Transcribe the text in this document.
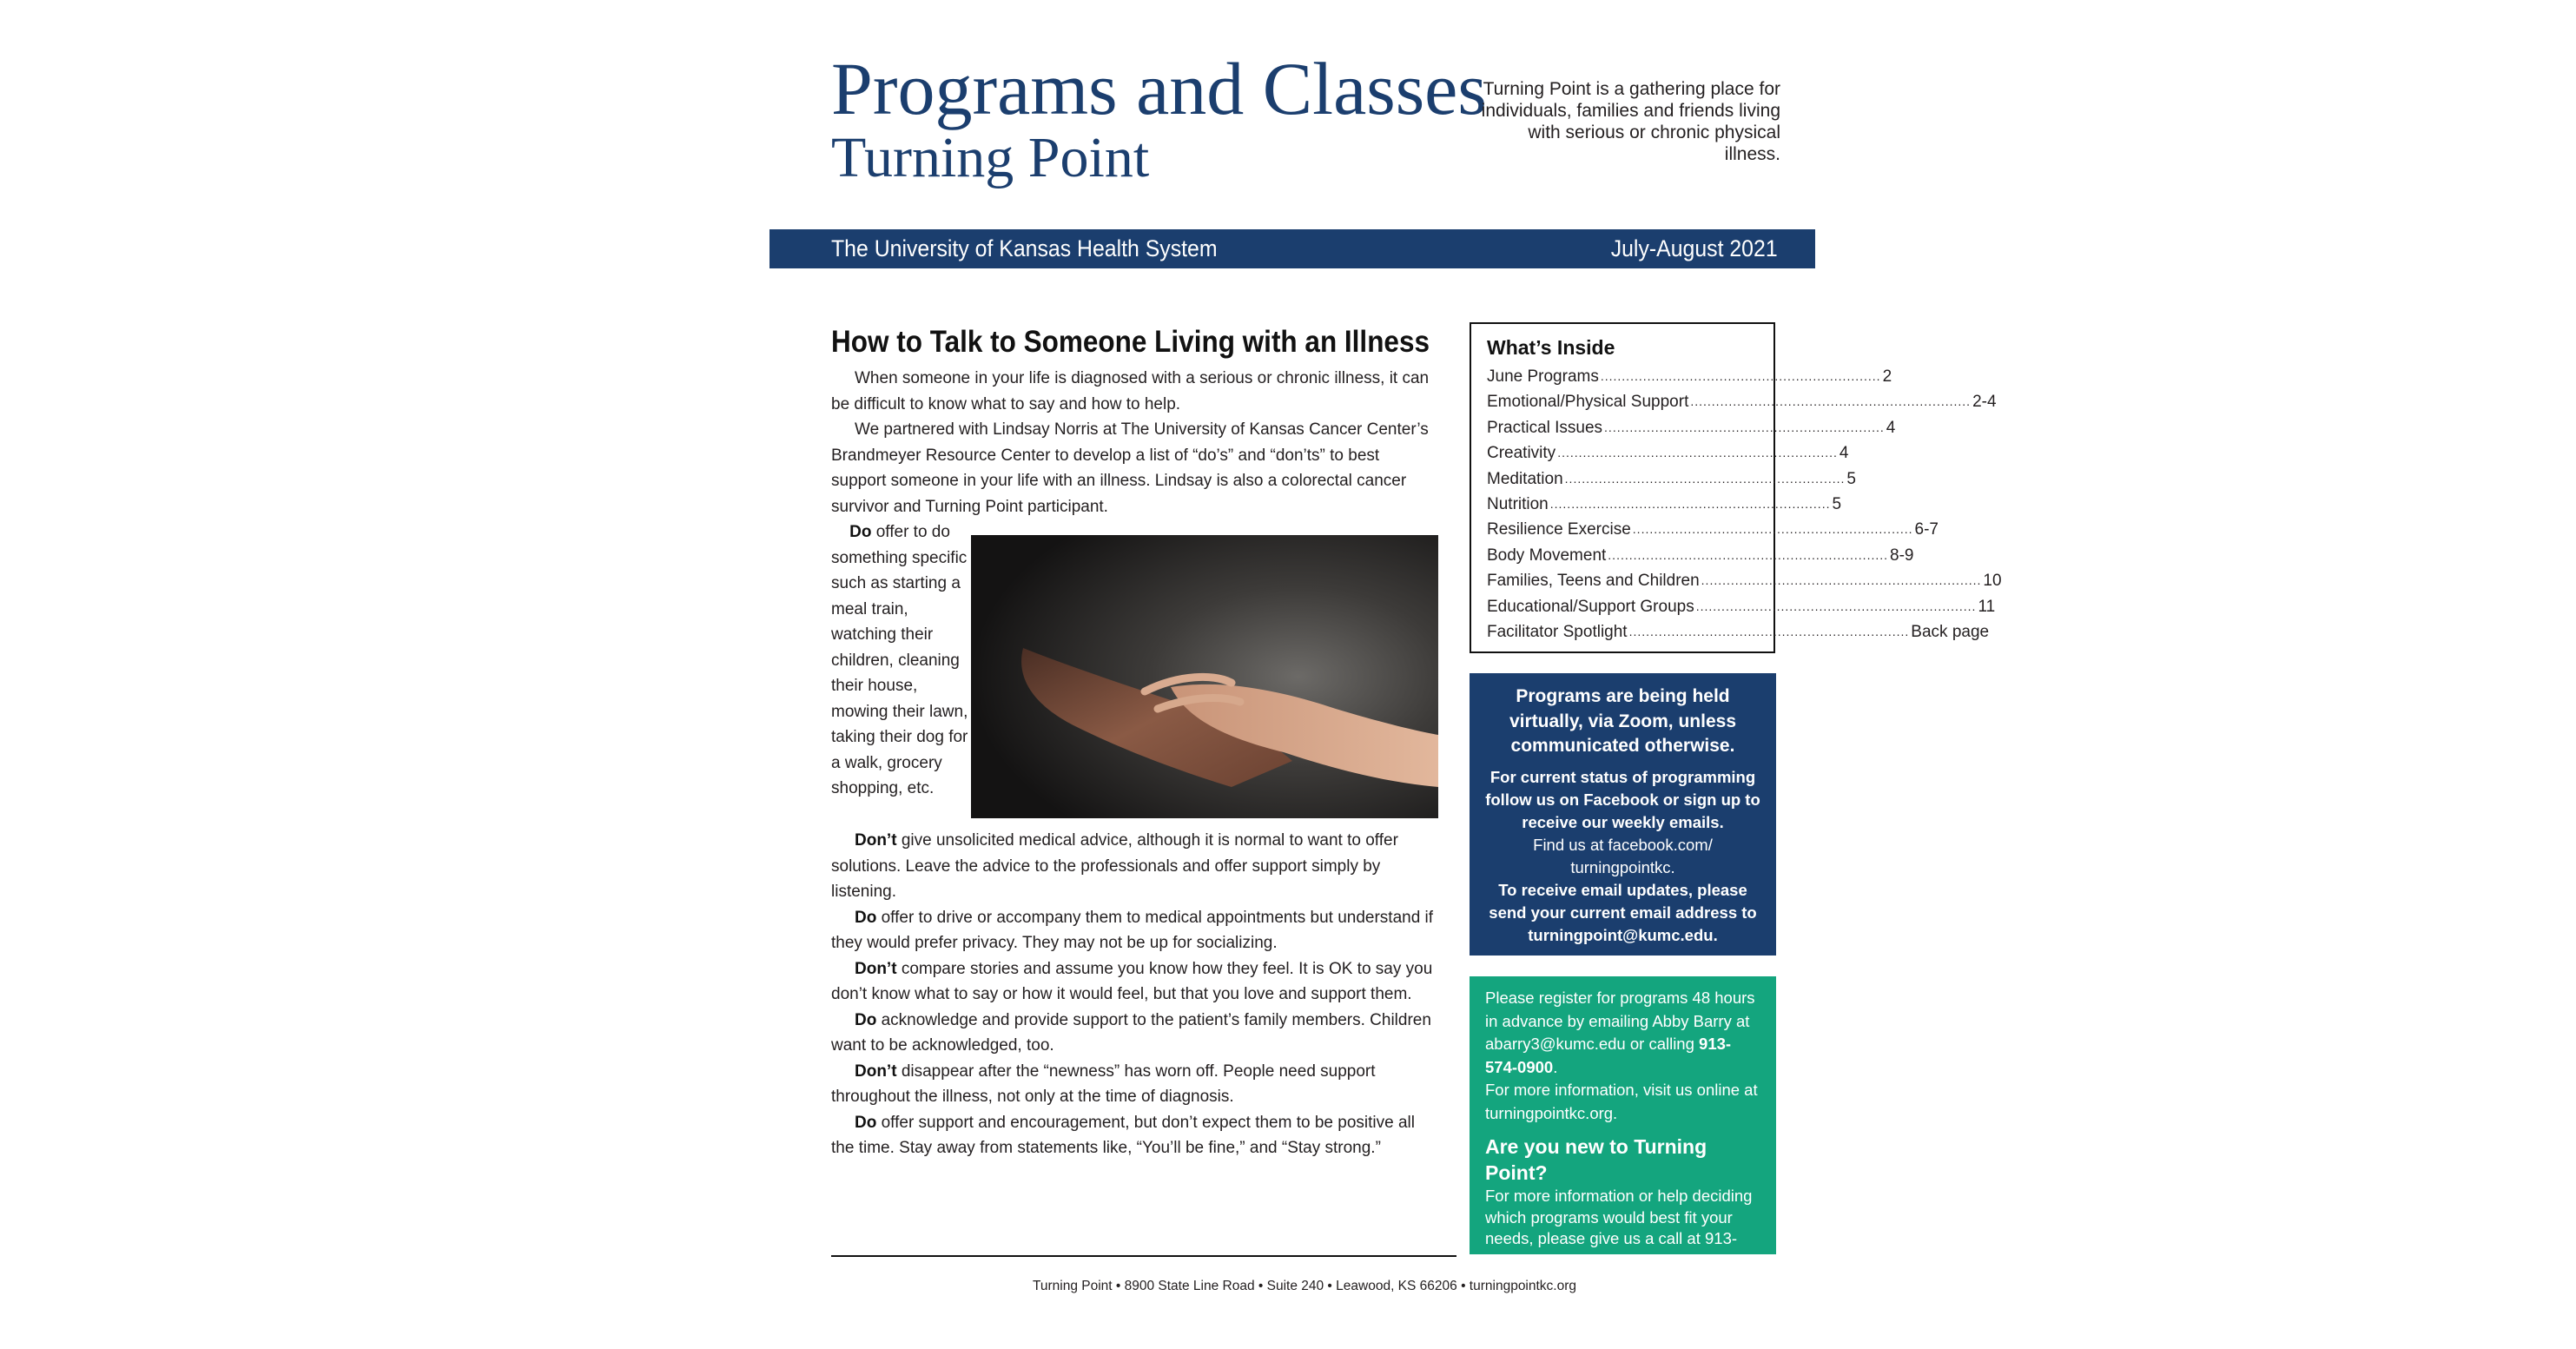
Programs and Classes
Turning Point
Turning Point is a gathering place for individuals, families and friends living with serious or chronic physical illness.
The University of Kansas Health System	July-August 2021
How to Talk to Someone Living with an Illness

When someone in your life is diagnosed with a serious or chronic illness, it can be difficult to know what to say and how to help.

We partnered with Lindsay Norris at The University of Kansas Cancer Center’s Brandmeyer Resource Center to develop a list of “do’s” and “don’ts” to best support someone in your life with an illness. Lindsay is also a colorectal cancer survivor and Turning Point participant.

Do offer to do something specific such as starting a meal train, watching their children, cleaning their house, mowing their lawn, taking their dog for a walk, grocery shopping, etc.

Don’t give unsolicited medical advice, although it is normal to want to offer solutions. Leave the advice to the professionals and offer support simply by listening.

Do offer to drive or accompany them to medical appointments but understand if they would prefer privacy. They may not be up for socializing.

Don’t compare stories and assume you know how they feel. It is OK to say you don’t know what to say or how it would feel, but that you love and support them.

Do acknowledge and provide support to the patient’s family members. Children want to be acknowledged, too.

Don’t disappear after the “newness” has worn off. People need support throughout the illness, not only at the time of diagnosis.

Do offer support and encouragement, but don’t expect them to be positive all the time. Stay away from statements like, “You’ll be fine,” and “Stay strong.”

What’s Inside
June Programs .................................................................. 2
Emotional/Physical Support .................................................................. 2-4
Practical Issues .................................................................. 4
Creativity .................................................................. 4
Meditation .................................................................. 5
Nutrition .................................................................. 5
Resilience Exercise .................................................................. 6-7
Body Movement .................................................................. 8-9
Families, Teens and Children .................................................................. 10
Educational/Support Groups .................................................................. 11
Facilitator Spotlight .................................................................. Back page
Programs are being held virtually, via Zoom, unless communicated otherwise.
For current status of programming follow us on Facebook or sign up to receive our weekly emails.
Find us at facebook.com/ turningpointkc.
To receive email updates, please send your current email address to turningpoint@kumc.edu.
Please register for programs 48 hours in advance by emailing Abby Barry at abarry3@kumc.edu or calling 913-574-0900.
For more information, visit us online at turningpointkc.org.
Are you new to Turning Point?
For more information or help deciding which programs would best fit your needs, please give us a call at 913-574-0900.
Turning Point • 8900 State Line Road • Suite 240 • Leawood, KS 66206 • turningpointkc.org
